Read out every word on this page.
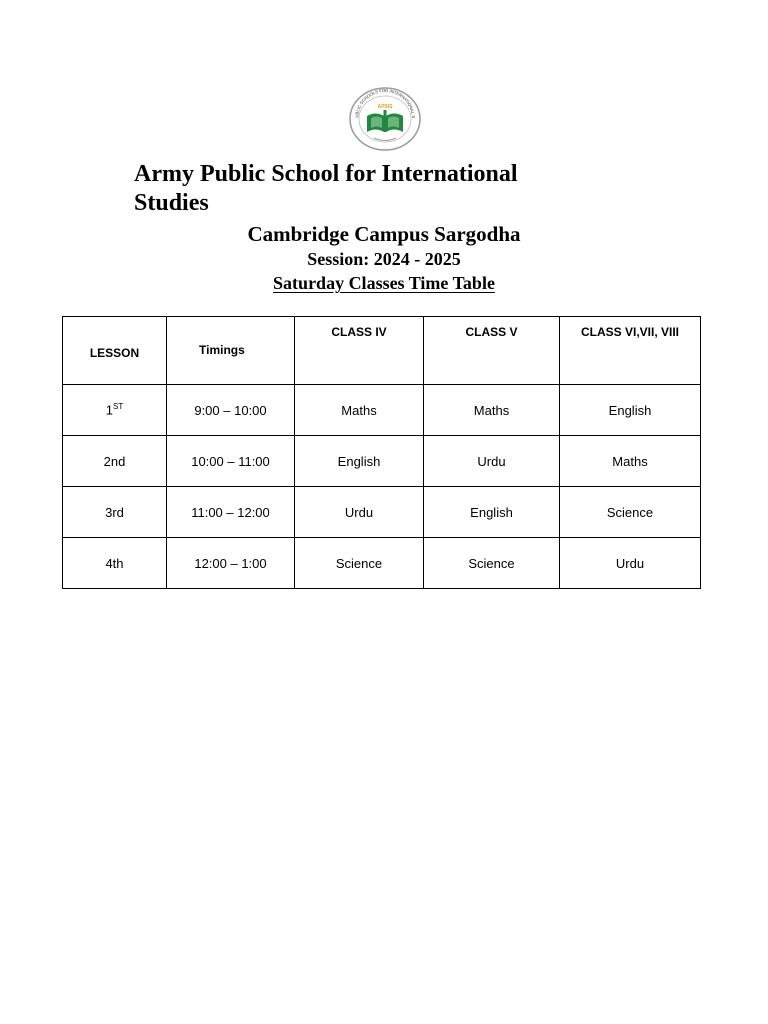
UBLIC SCHOOLS FOR INTERNATIONAL S
APSIS
Army Public School for International Studies
Cambridge Campus Sargodha
Session: 2024 - 2025
Saturday Classes Time Table
LESSON	Timings	CLASS IV	CLASS V	CLASS VI,VII, VIII

1ST	9:00 – 10:00	Maths	Maths	English
2nd	10:00 – 11:00	English	Urdu	Maths
3rd	11:00 – 12:00	Urdu	English	Science
4th	12:00 – 1:00	Science	Science	Urdu
